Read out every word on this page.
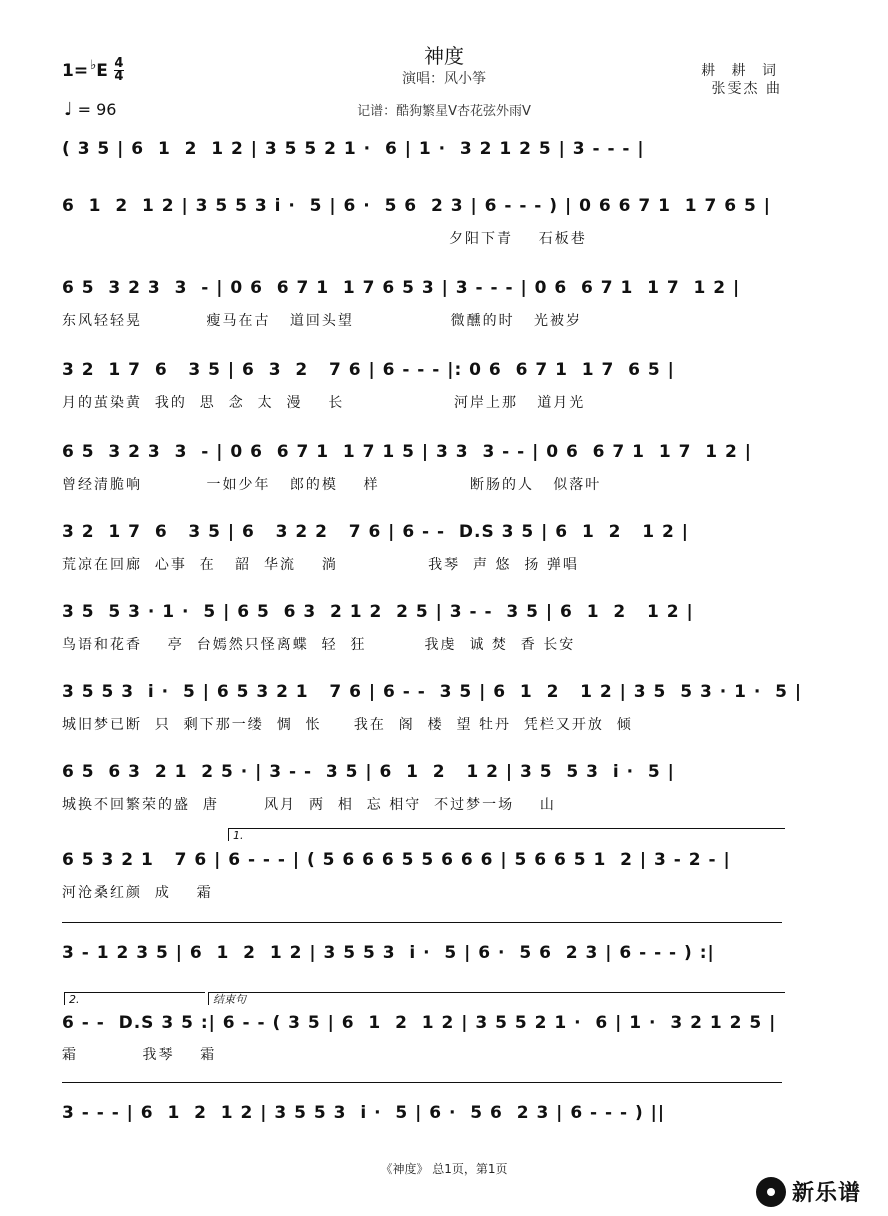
神度
演唱：风小筝
记谱：酷狗繁星V杏花弦外雨V
1= ♭ E 4
4
♩ = 96
耕 耕 词
张雯杰 曲
( 3 5 | 6  1  2  1 2 | 3 5 5 2 1 ·  6 | 1 ·  3 2 1 2 5 | 3 - - - |
6  1  2  1 2 | 3 5 5 3 i ·  5 | 6 ·  5 6  2 3 | 6 - - - ) | 0 6 6 7 1  1 7 6 5 |
夕阳下青    石板巷
6 5  3 2 3  3  - | 0 6  6 7 1  1 7 6 5 3 | 3 - - - | 0 6  6 7 1  1 7  1 2 |
东风轻轻晃          瘦马在古   道回头望               微醺的时   光被岁
3 2  1 7  6   3 5 | 6  3  2   7 6 | 6 - - - |: 0 6  6 7 1  1 7  6 5 |
月的茧染黄  我的  思  念  太  漫    长                 河岸上那   道月光
6 5  3 2 3  3  - | 0 6  6 7 1  1 7 1 5 | 3 3  3 - - | 0 6  6 7 1  1 7  1 2 |
曾经清脆响          一如少年   郎的模    样              断肠的人   似落叶
3 2  1 7  6   3 5 | 6   3 2 2   7 6 | 6 - -  D.S 3 5 | 6  1  2   1 2 |
荒凉在回廊  心事  在   韶  华流    淌              我琴  声 悠  扬 弹唱
3 5  5 3 · 1 ·  5 | 6 5  6 3  2 1 2  2 5 | 3 - -  3 5 | 6  1  2   1 2 |
鸟语和花香    亭  台嫣然只怪离蝶  轻  狂         我虔  诚 焚  香 长安
3 5 5 3  i ·  5 | 6 5 3 2 1   7 6 | 6 - -  3 5 | 6  1  2   1 2 | 3 5  5 3 · 1 ·  5 |
城旧梦已断  只  剩下那一缕  惆  怅     我在  阁  楼  望 牡丹  凭栏又开放  倾
6 5  6 3  2 1  2 5 · | 3 - -  3 5 | 6  1  2   1 2 | 3 5  5 3  i ·  5 |
城换不回繁荣的盛  唐       风月  两  相  忘 相守  不过梦一场    山
1.
6 5 3 2 1   7 6 | 6 - - - | ( 5 6 6 6 5 5 6 6 6 | 5 6 6 5 1  2 | 3 - 2 - |
河沧桑红颜  成    霜
3 - 1 2 3 5 | 6  1  2  1 2 | 3 5 5 3  i ·  5 | 6 ·  5 6  2 3 | 6 - - - ) :|
2.	结束句
6 - -  D.S 3 5 :| 6 - - ( 3 5 | 6  1  2  1 2 | 3 5 5 2 1 ·  6 | 1 ·  3 2 1 2 5 |
霜          我琴    霜
3 - - - | 6  1  2  1 2 | 3 5 5 3  i ·  5 | 6 ·  5 6  2 3 | 6 - - - ) ||
《神度》 总1页，第1页
新乐谱
